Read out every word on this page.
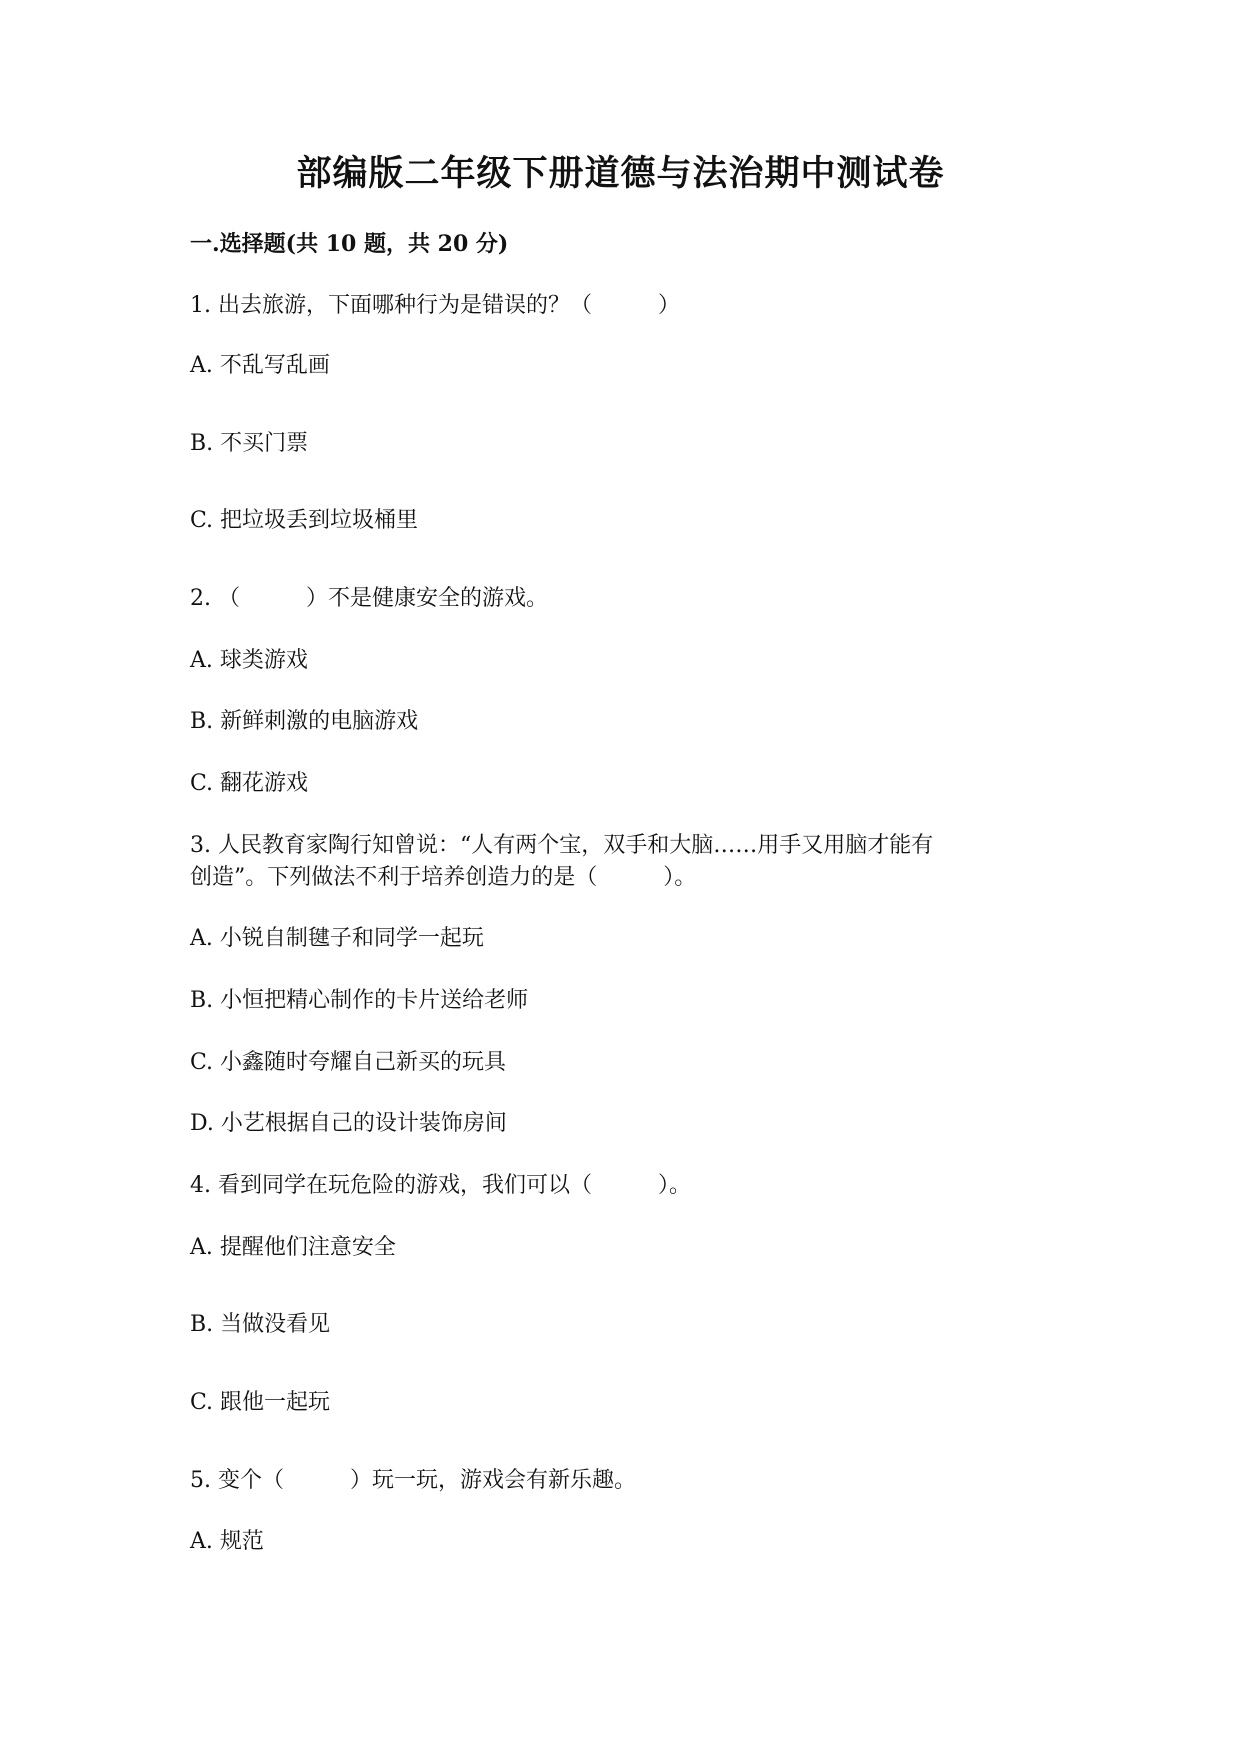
部编版二年级下册道德与法治期中测试卷
一.选择题(共 10 题，共 20 分)
1. 出去旅游，下面哪种行为是错误的？（　　　）
A. 不乱写乱画
B. 不买门票
C. 把垃圾丢到垃圾桶里
2. （　　　）不是健康安全的游戏。
A. 球类游戏
B. 新鲜刺激的电脑游戏
C. 翻花游戏
3. 人民教育家陶行知曾说：“人有两个宝，双手和大脑……用手又用脑才能有
创造”。下列做法不利于培养创造力的是（　　　）。
A. 小锐自制毽子和同学一起玩
B. 小恒把精心制作的卡片送给老师
C. 小鑫随时夸耀自己新买的玩具
D. 小艺根据自己的设计装饰房间
4. 看到同学在玩危险的游戏，我们可以（　　　）。
A. 提醒他们注意安全
B. 当做没看见
C. 跟他一起玩
5. 变个（　　　）玩一玩，游戏会有新乐趣。
A. 规范
